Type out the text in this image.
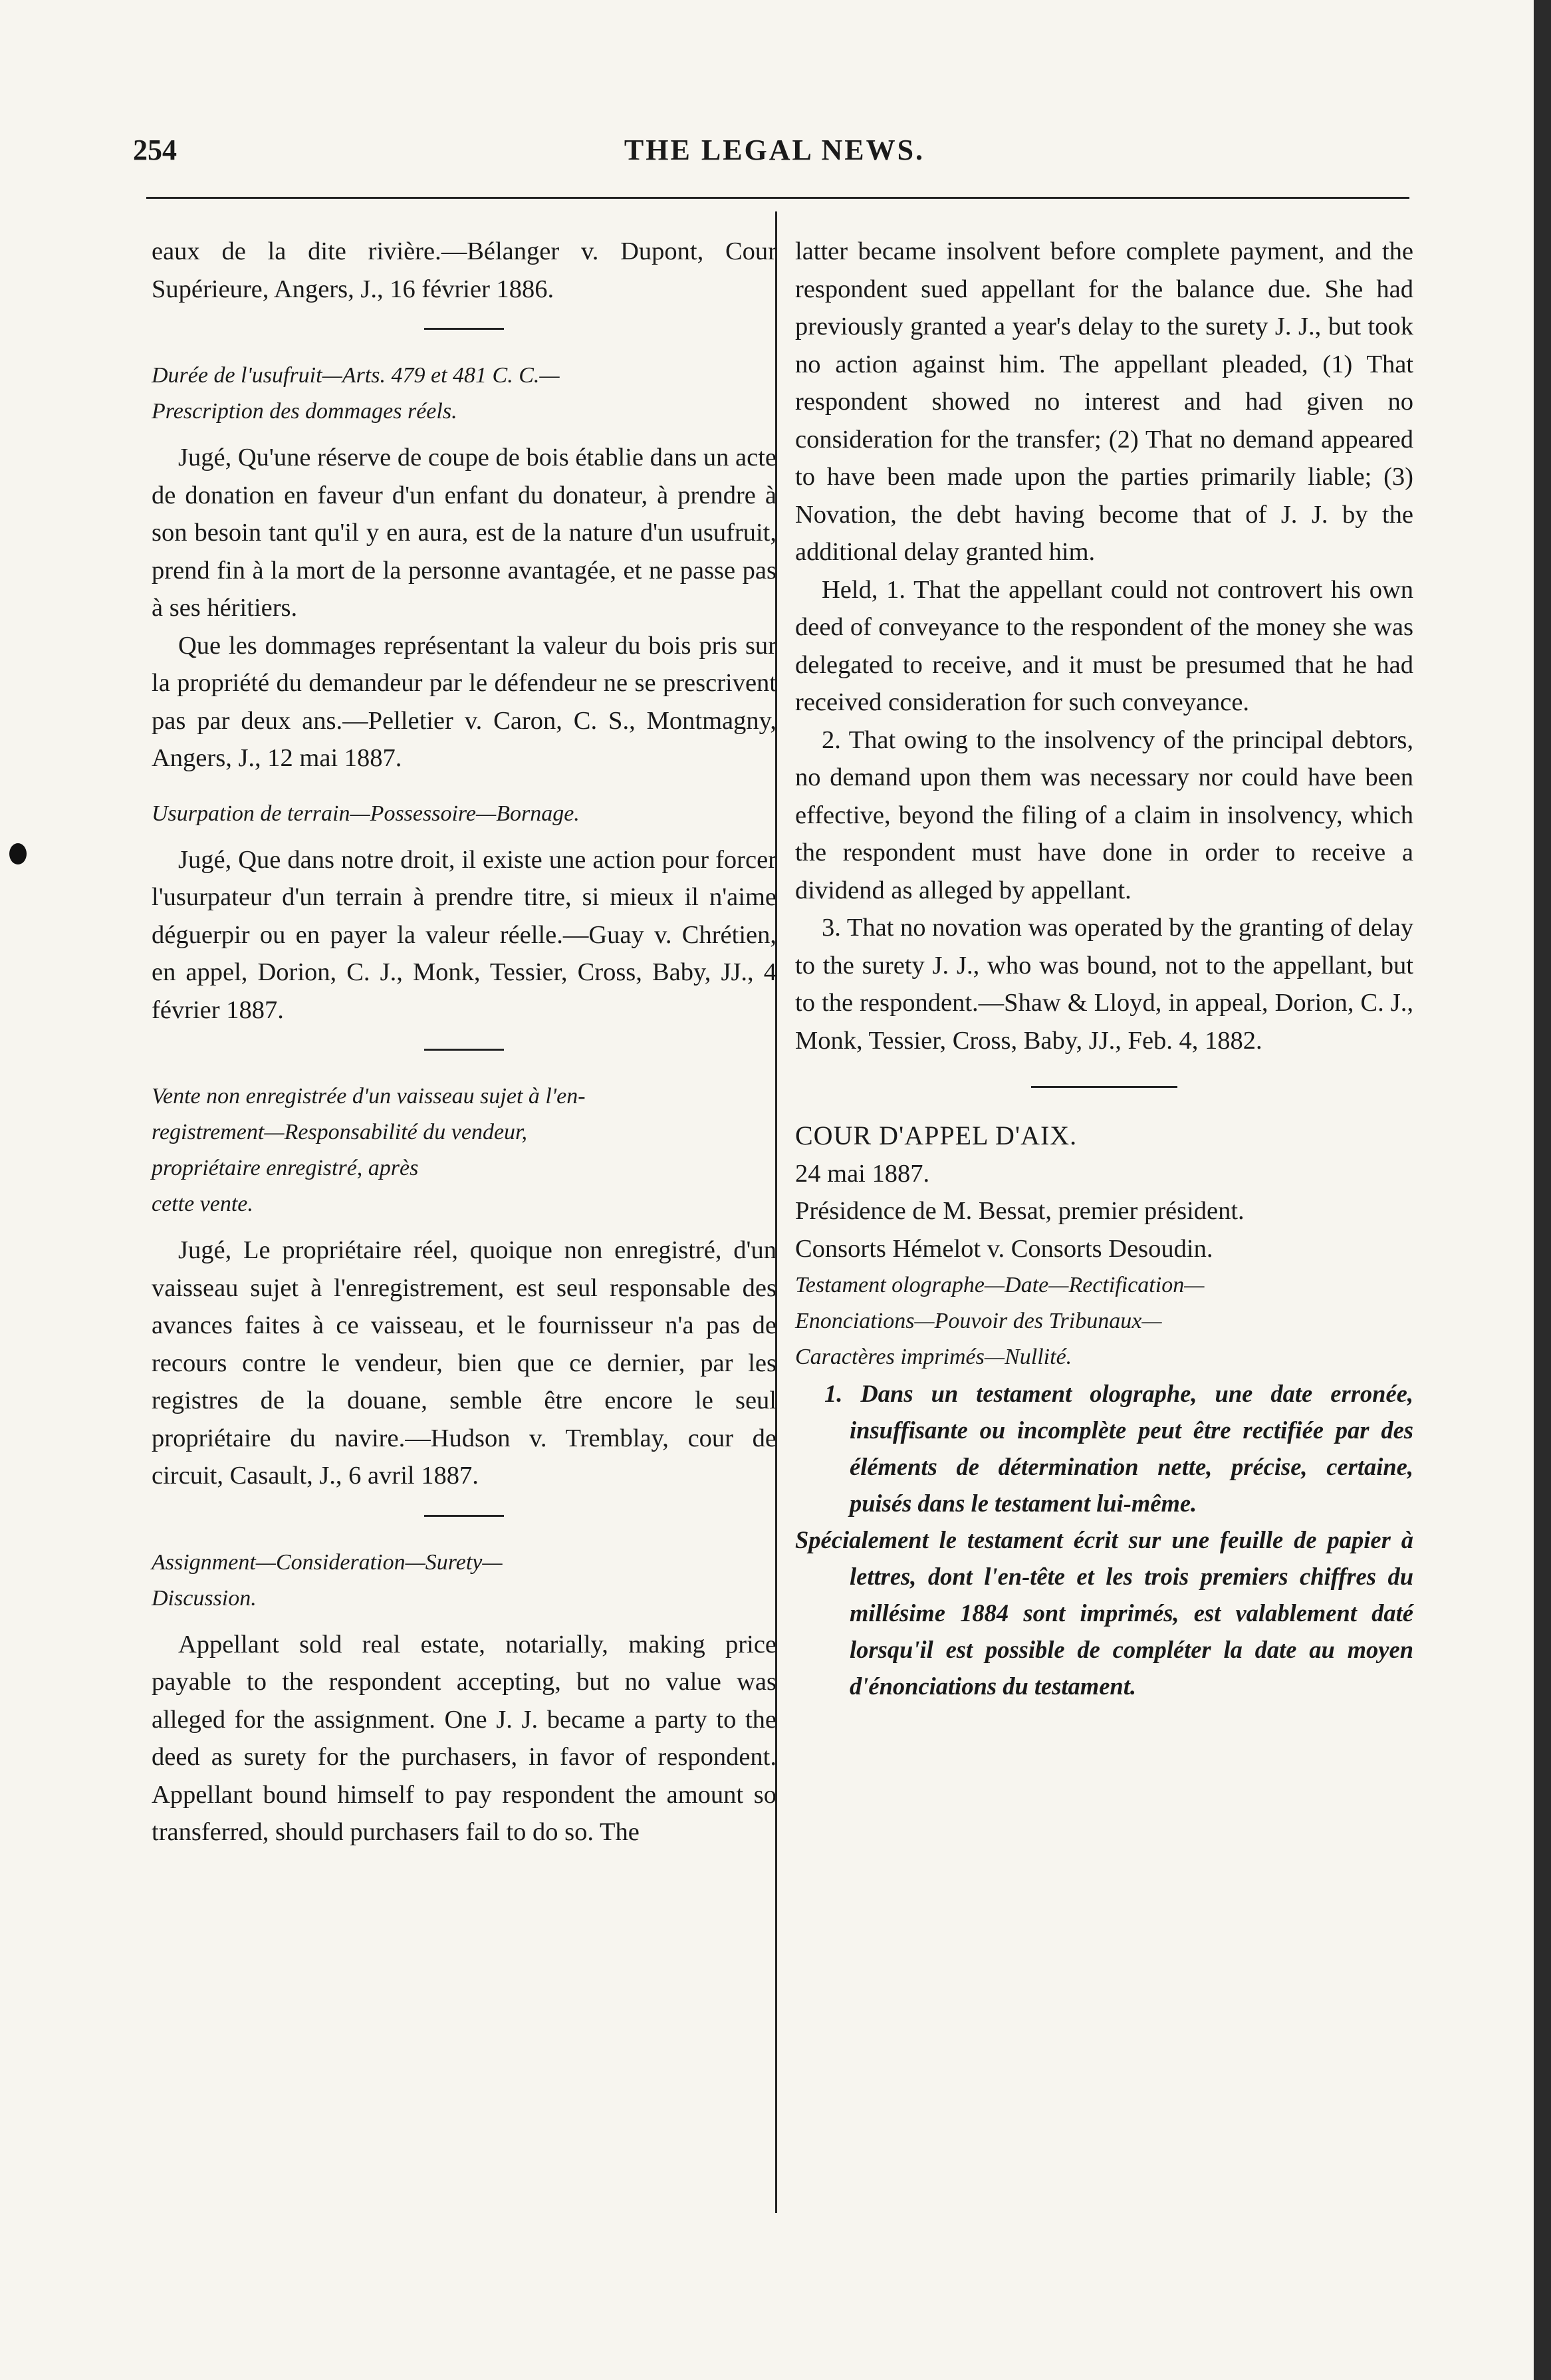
254	THE LEGAL NEWS.

eaux de la dite rivière.—Bélanger v. Dupont, Cour Supérieure, Angers, J., 16 février 1886.

Durée de l'usufruit—Arts. 479 et 481 C. C.—

Prescription des dommages réels.

Jugé, Qu'une réserve de coupe de bois établie dans un acte de donation en faveur d'un enfant du donateur, à prendre à son besoin tant qu'il y en aura, est de la nature d'un usufruit, prend fin à la mort de la personne avantagée, et ne passe pas à ses héritiers.

Que les dommages représentant la valeur du bois pris sur la propriété du demandeur par le défendeur ne se prescrivent pas par deux ans.—Pelletier v. Caron, C. S., Montmagny, Angers, J., 12 mai 1887.

Usurpation de terrain—Possessoire—Bornage.

Jugé, Que dans notre droit, il existe une action pour forcer l'usurpateur d'un terrain à prendre titre, si mieux il n'aime déguerpir ou en payer la valeur réelle.—Guay v. Chrétien, en appel, Dorion, C. J., Monk, Tessier, Cross, Baby, JJ., 4 février 1887.

Vente non enregistrée d'un vaisseau sujet à l'en-

registrement—Responsabilité du vendeur,

propriétaire enregistré, après

cette vente.

Jugé, Le propriétaire réel, quoique non enregistré, d'un vaisseau sujet à l'enregistrement, est seul responsable des avances faites à ce vaisseau, et le fournisseur n'a pas de recours contre le vendeur, bien que ce dernier, par les registres de la douane, semble être encore le seul propriétaire du navire.—Hudson v. Tremblay, cour de circuit, Casault, J., 6 avril 1887.

Assignment—Consideration—Surety—

Discussion.

Appellant sold real estate, notarially, making price payable to the respondent accepting, but no value was alleged for the assignment. One J. J. became a party to the deed as surety for the purchasers, in favor of respondent. Appellant bound himself to pay respondent the amount so transferred, should purchasers fail to do so. The

latter became insolvent before complete payment, and the respondent sued appellant for the balance due. She had previously granted a year's delay to the surety J. J., but took no action against him. The appellant pleaded, (1) That respondent showed no interest and had given no consideration for the transfer; (2) That no demand appeared to have been made upon the parties primarily liable; (3) Novation, the debt having become that of J. J. by the additional delay granted him.

Held, 1. That the appellant could not controvert his own deed of conveyance to the respondent of the money she was delegated to receive, and it must be presumed that he had received consideration for such conveyance.

2. That owing to the insolvency of the principal debtors, no demand upon them was necessary nor could have been effective, beyond the filing of a claim in insolvency, which the respondent must have done in order to receive a dividend as alleged by appellant.

3. That no novation was operated by the granting of delay to the surety J. J., who was bound, not to the appellant, but to the respondent.—Shaw & Lloyd, in appeal, Dorion, C. J., Monk, Tessier, Cross, Baby, JJ., Feb. 4, 1882.

COUR D'APPEL D'AIX.

24 mai 1887.

Présidence de M. Bessat, premier président.

Consorts Hémelot v. Consorts Desoudin.

Testament olographe—Date—Rectification—

Enonciations—Pouvoir des Tribunaux—

Caractères imprimés—Nullité.

1. Dans un testament olographe, une date erronée, insuffisante ou incomplète peut être rectifiée par des éléments de détermination nette, précise, certaine, puisés dans le testament lui-même.

Spécialement le testament écrit sur une feuille de papier à lettres, dont l'en-tête et les trois premiers chiffres du millésime 1884 sont imprimés, est valablement daté lorsqu'il est possible de compléter la date au moyen d'énonciations du testament.
